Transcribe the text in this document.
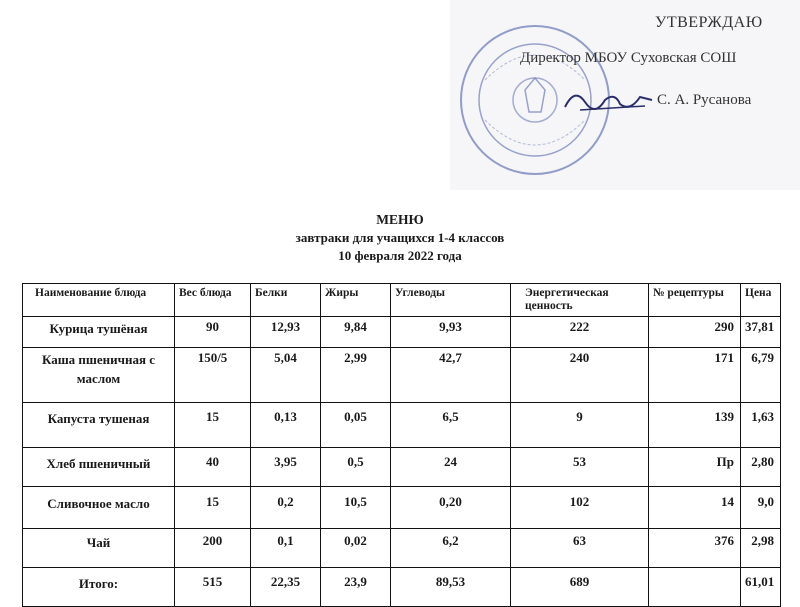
УТВЕРЖДАЮ
Директор МБОУ Суховская СОШ
С. А. Русанова
МЕНЮ
завтраки для учащихся 1-4 классов
10 февраля 2022 года
Наименование блюда	Вес блюда	Белки	Жиры	Углеводы	Энергетическая ценность	№ рецептуры	Цена
Курица тушёная	90	12,93	9,84	9,93	222	290	37,81
Каша пшеничная с маслом	150/5	5,04	2,99	42,7	240	171	6,79
Капуста тушеная	15	0,13	0,05	6,5	9	139	1,63
Хлеб пшеничный	40	3,95	0,5	24	53	Пр	2,80
Сливочное масло	15	0,2	10,5	0,20	102	14	9,0
Чай	200	0,1	0,02	6,2	63	376	2,98
Итого:	515	22,35	23,9	89,53	689		61,01
